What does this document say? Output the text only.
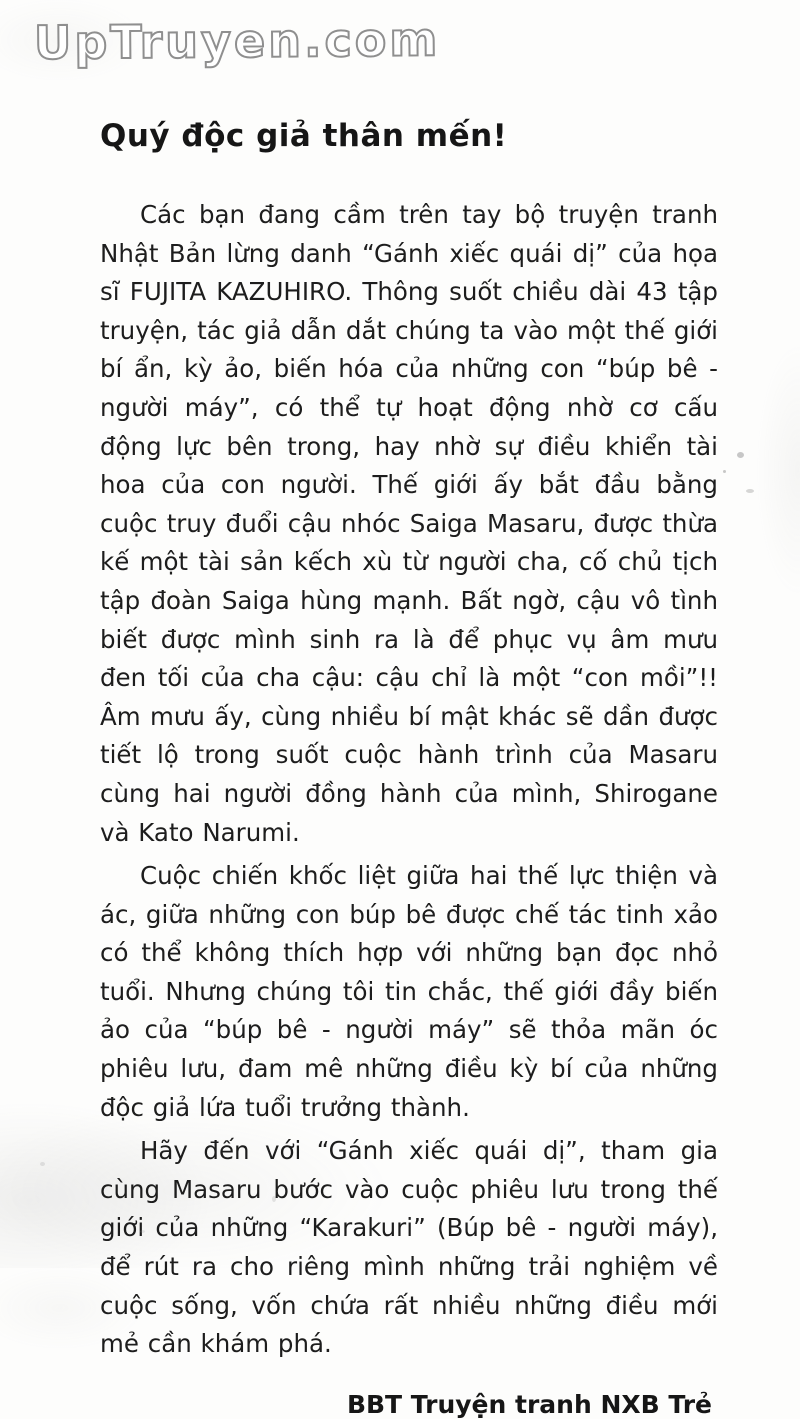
UpTruyen.com
Quý độc giả thân mến!

Các bạn đang cầm trên tay bộ truyện tranh Nhật Bản lừng danh “Gánh xiếc quái dị” của họa sĩ FUJITA KAZUHIRO. Thông suốt chiều dài 43 tập truyện, tác giả dẫn dắt chúng ta vào một thế giới bí ẩn, kỳ ảo, biến hóa của những con “búp bê - người máy”, có thể tự hoạt động nhờ cơ cấu động lực bên trong, hay nhờ sự điều khiển tài hoa của con người. Thế giới ấy bắt đầu bằng cuộc truy đuổi cậu nhóc Saiga Masaru, được thừa kế một tài sản kếch xù từ người cha, cố chủ tịch tập đoàn Saiga hùng mạnh. Bất ngờ, cậu vô tình biết được mình sinh ra là để phục vụ âm mưu đen tối của cha cậu: cậu chỉ là một “con mồi”!! Âm mưu ấy, cùng nhiều bí mật khác sẽ dần được tiết lộ trong suốt cuộc hành trình của Masaru cùng hai người đồng hành của mình, Shirogane và Kato Narumi.

Cuộc chiến khốc liệt giữa hai thế lực thiện và ác, giữa những con búp bê được chế tác tinh xảo có thể không thích hợp với những bạn đọc nhỏ tuổi. Nhưng chúng tôi tin chắc, thế giới đầy biến ảo của “búp bê - người máy” sẽ thỏa mãn óc phiêu lưu, đam mê những điều kỳ bí của những độc giả lứa tuổi trưởng thành.

Hãy đến với “Gánh xiếc quái dị”, tham gia cùng Masaru bước vào cuộc phiêu lưu trong thế giới của những “Karakuri” (Búp bê - người máy), để rút ra cho riêng mình những trải nghiệm về cuộc sống, vốn chứa rất nhiều những điều mới mẻ cần khám phá.

BBT Truyện tranh NXB Trẻ
